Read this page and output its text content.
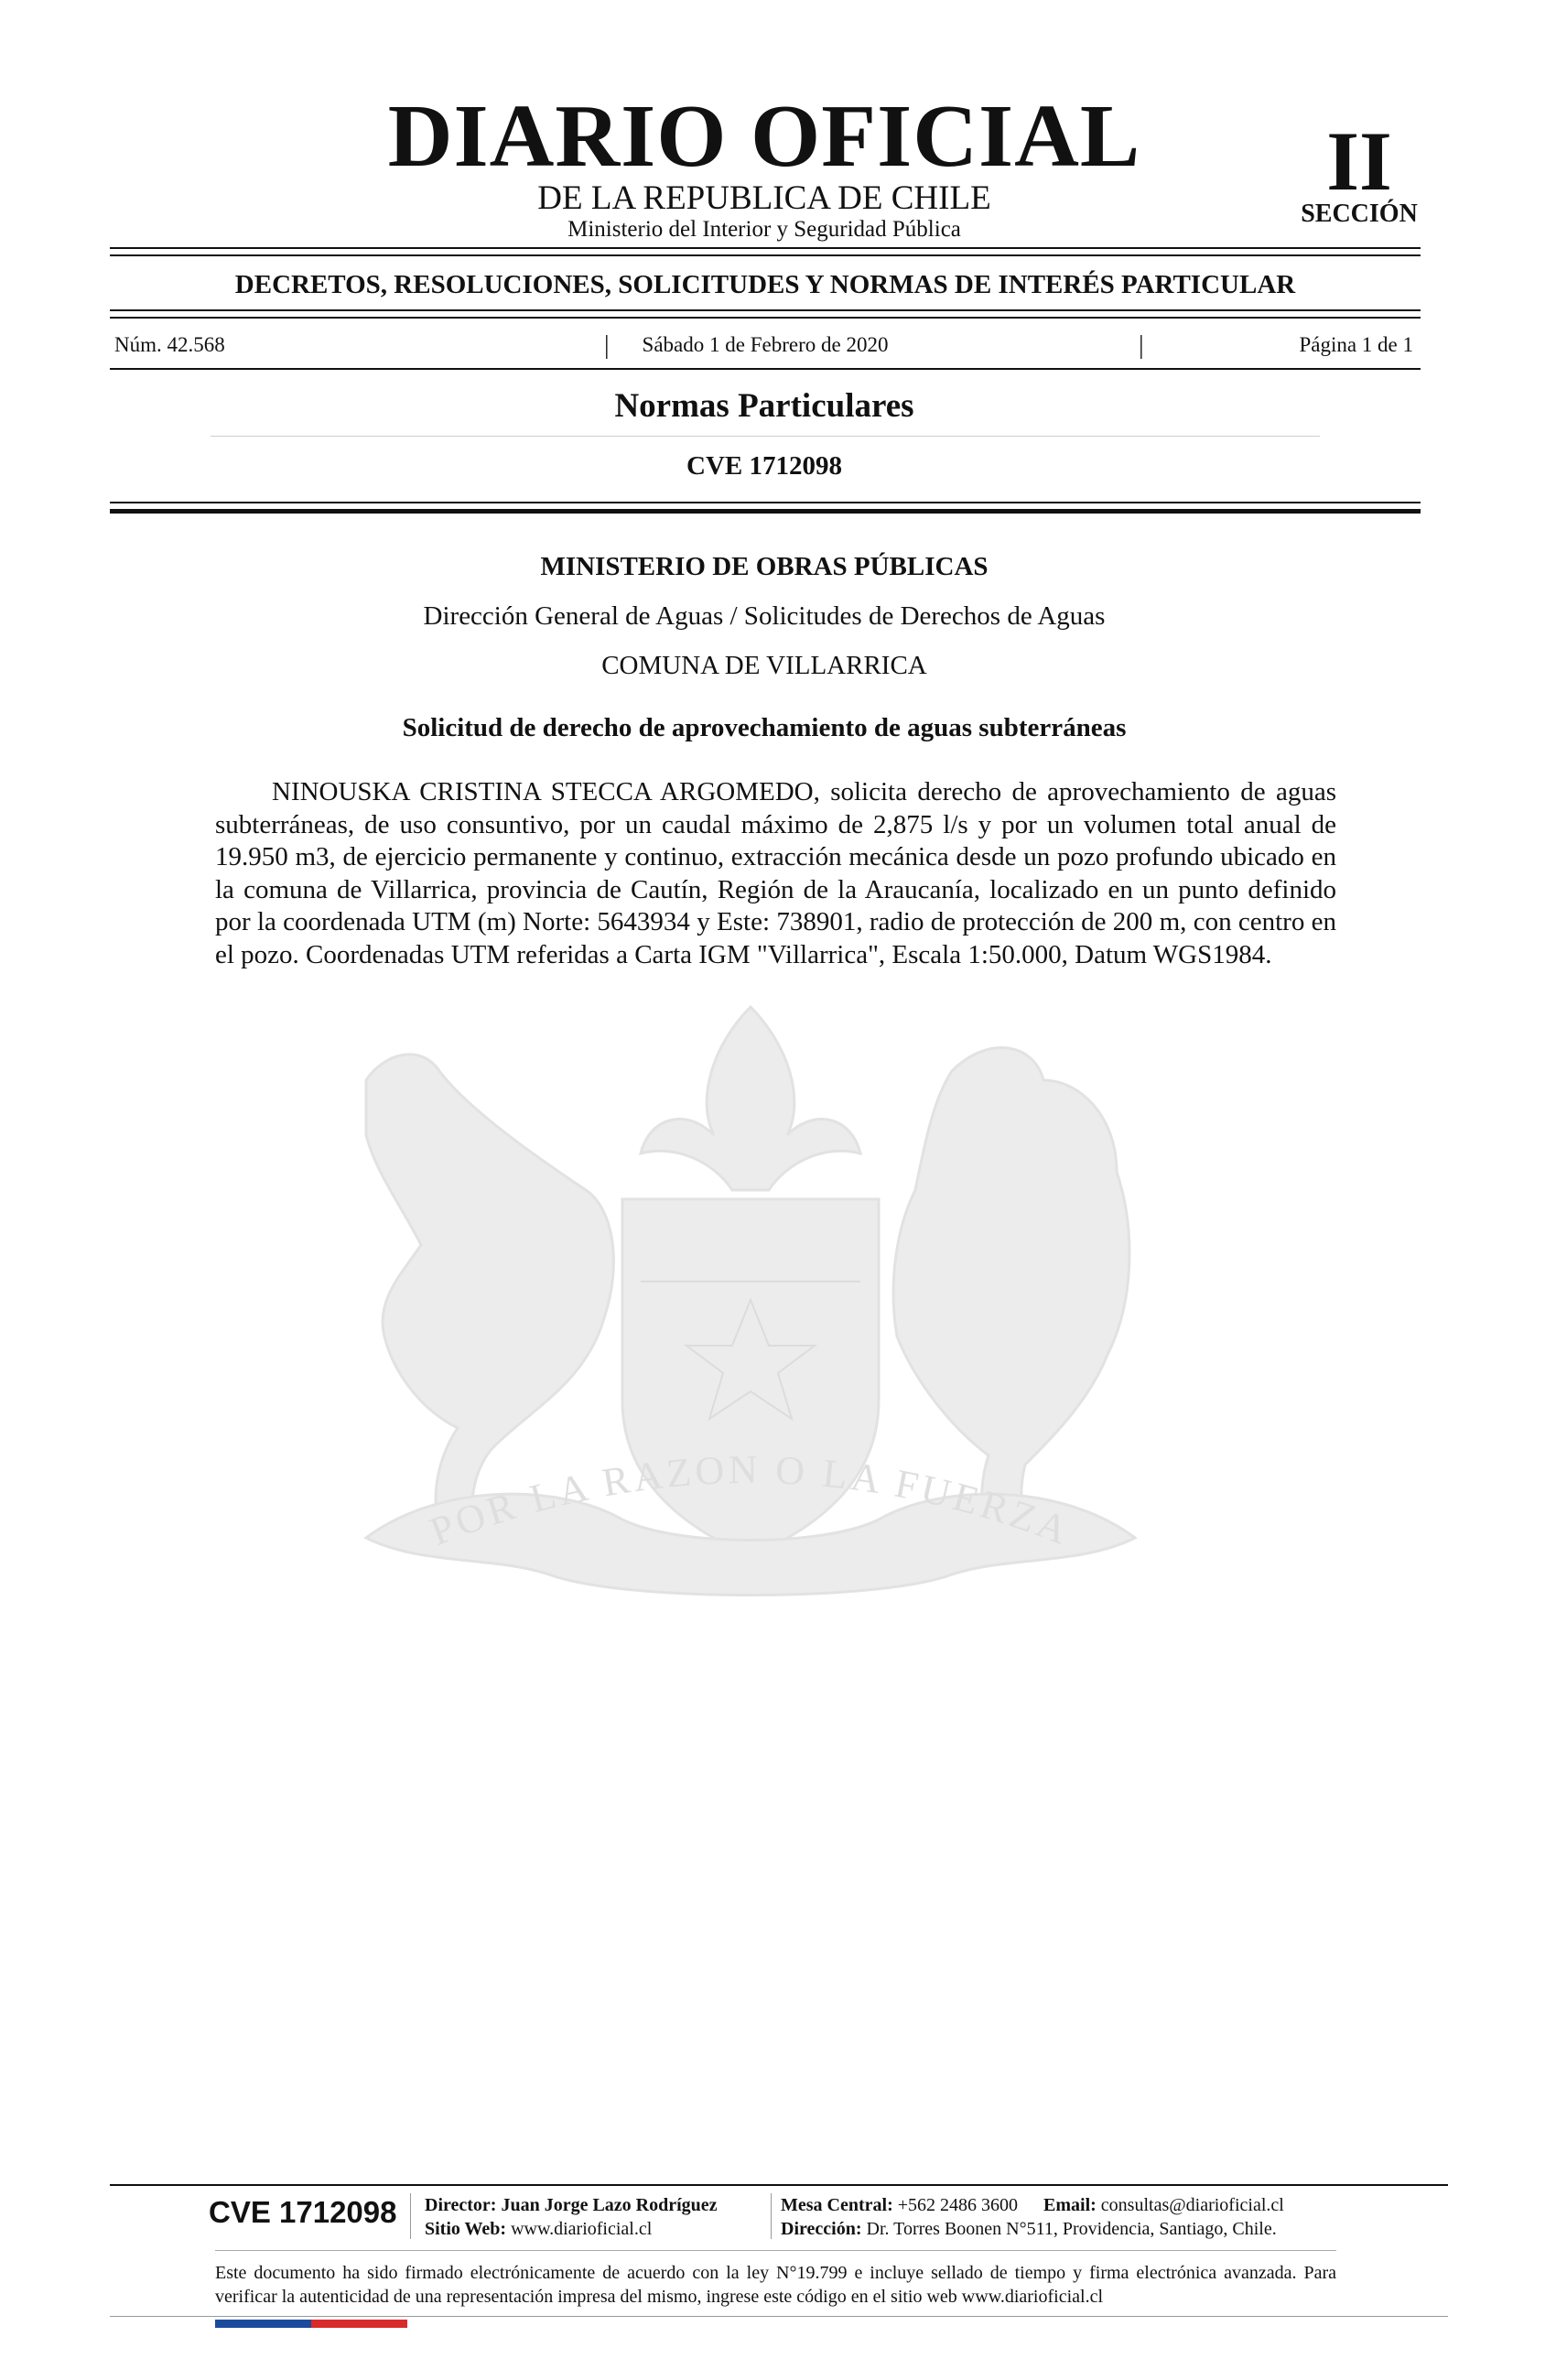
DIARIO OFICIAL
DE LA REPUBLICA DE CHILE
Ministerio del Interior y Seguridad Pública
II
SECCIÓN
DECRETOS, RESOLUCIONES, SOLICITUDES Y NORMAS DE INTERÉS PARTICULAR
Núm. 42.568	Sábado 1 de Febrero de 2020
|	|	Página 1 de 1
Normas Particulares
CVE 1712098
MINISTERIO DE OBRAS PÚBLICAS
Dirección General de Aguas / Solicitudes de Derechos de Aguas
COMUNA DE VILLARRICA
Solicitud de derecho de aprovechamiento de aguas subterráneas

NINOUSKA CRISTINA STECCA ARGOMEDO, solicita derecho de aprovechamiento de aguas subterráneas, de uso consuntivo, por un caudal máximo de 2,875 l/s y por un volumen total anual de 19.950 m3, de ejercicio permanente y continuo, extracción mecánica desde un pozo profundo ubicado en la comuna de Villarrica, provincia de Cautín, Región de la Araucanía, localizado en un punto definido por la coordenada UTM (m) Norte: 5643934 y Este: 738901, radio de protección de 200 m, con centro en el pozo. Coordenadas UTM referidas a Carta IGM "Villarrica", Escala 1:50.000, Datum WGS1984.

POR LA RAZON O LA FUERZA
CVE 1712098 Director: Juan Jorge Lazo Rodríguez
Sitio Web: www.diarioficial.cl
Mesa Central: +562 2486 3600 Email: consultas@diarioficial.cl
Dirección: Dr. Torres Boonen N°511, Providencia, Santiago, Chile.

Este documento ha sido firmado electrónicamente de acuerdo con la ley N°19.799 e incluye sellado de tiempo y firma electrónica avanzada. Para verificar la autenticidad de una representación impresa del mismo, ingrese este código en el sitio web www.diarioficial.cl
